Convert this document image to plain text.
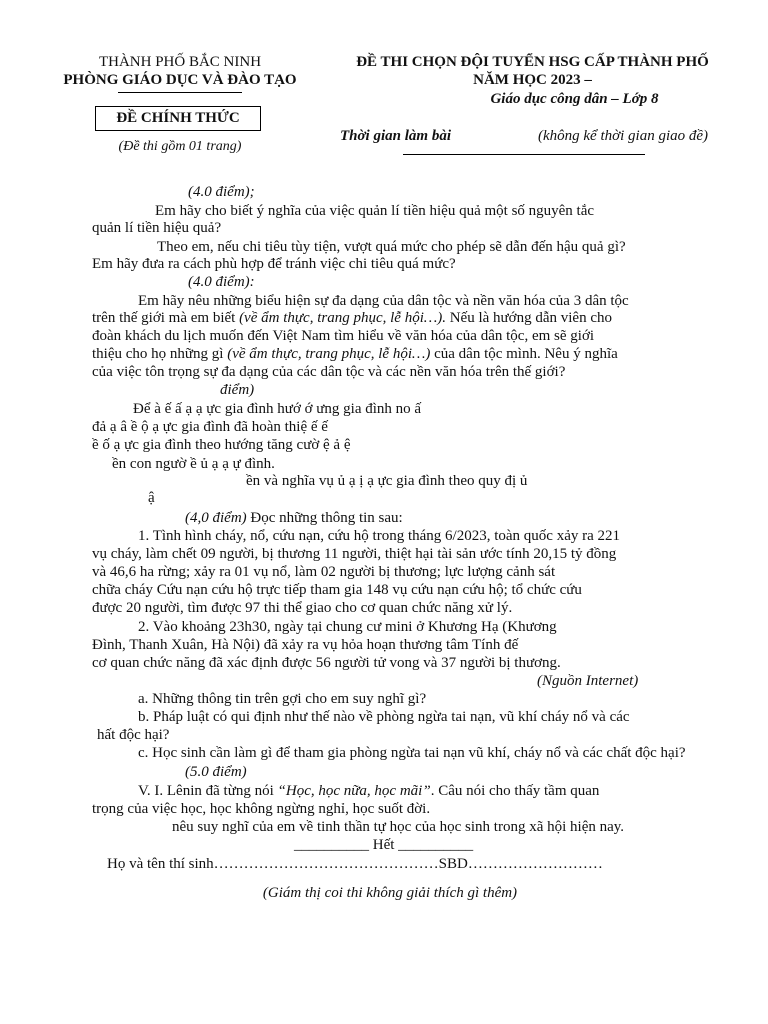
THÀNH PHỐ BẮC NINH
PHÒNG GIÁO DỤC VÀ ĐÀO TẠO
ĐỀ THI CHỌN ĐỘI TUYỂN HSG CẤP THÀNH PHỐ
NĂM HỌC 2023 –
Giáo dục công dân – Lớp 8
ĐỀ CHÍNH THỨC
(Đề thi gồm 01 trang)
Thời gian làm bài	(không kể thời gian giao đề)
(4.0 điểm);
Em hãy cho biết ý nghĩa của việc quản lí tiền hiệu quả một số nguyên tắc
quản lí tiền hiệu quả?
Theo em, nếu chi tiêu tùy tiện, vượt quá mức cho phép sẽ dẫn đến hậu quả gì?
Em hãy đưa ra cách phù hợp để tránh việc chi tiêu quá mức?
(4.0 điểm):
Em hãy nêu những biểu hiện sự đa dạng của dân tộc và nền văn hóa của 3 dân tộc
trên thế giới mà em biết (về ẩm thực, trang phục, lễ hội…). Nếu là hướng dẫn viên cho
đoàn khách du lịch muốn đến Việt Nam tìm hiểu về văn hóa của dân tộc, em sẽ giới
thiệu cho họ những gì (về ẩm thực, trang phục, lễ hội…) của dân tộc mình. Nêu ý nghĩa
của việc tôn trọng sự đa dạng của các dân tộc và các nền văn hóa trên thế giới?
điểm)
Để à ế ấ ạ ạ ực gia đình hướ ớ ưng gia đình no ấ
đả ạ â ề ộ ạ ực gia đình đã hoàn thiệ ế ế
ề ố ạ ực gia đình theo hướng tăng cườ ệ ả ệ
ền con ngườ ề ủ ạ ạ ự đình.
ền và nghĩa vụ ủ ạ ị ạ ực gia đình theo quy đị ủ
ậ
(4,0 điểm) Đọc những thông tin sau:
1. Tình hình cháy, nổ, cứu nạn, cứu hộ trong tháng 6/2023, toàn quốc xảy ra 221
vụ cháy, làm chết 09 người, bị thương 11 người, thiệt hại tài sản ước tính 20,15 tỷ đồng
và 46,6 ha rừng; xảy ra 01 vụ nổ, làm 02 người bị thương; lực lượng cảnh sát
chữa cháy Cứu nạn cứu hộ trực tiếp tham gia 148 vụ cứu nạn cứu hộ; tổ chức cứu
được 20 người, tìm được 97 thi thể giao cho cơ quan chức năng xử lý.
2. Vào khoảng 23h30, ngày tại chung cư mini ở Khương Hạ (Khương
Đình, Thanh Xuân, Hà Nội) đã xảy ra vụ hỏa hoạn thương tâm Tính đế
cơ quan chức năng đã xác định được 56 người tử vong và 37 người bị thương.
(Nguồn Internet)
a. Những thông tin trên gợi cho em suy nghĩ gì?
b. Pháp luật có qui định như thế nào về phòng ngừa tai nạn, vũ khí cháy nổ và các
hất độc hại?
c. Học sinh cần làm gì để tham gia phòng ngừa tai nạn vũ khí, cháy nổ và các chất độc hại?
(5.0 điểm)
V. I. Lênin đã từng nói “Học, học nữa, học mãi”. Câu nói cho thấy tầm quan
trọng của việc học, học không ngừng nghỉ, học suốt đời.
nêu suy nghĩ của em về tinh thần tự học của học sinh trong xã hội hiện nay.
__________ Hết __________
Họ và tên thí sinh………………………………………SBD………………………
(Giám thị coi thi không giải thích gì thêm)
